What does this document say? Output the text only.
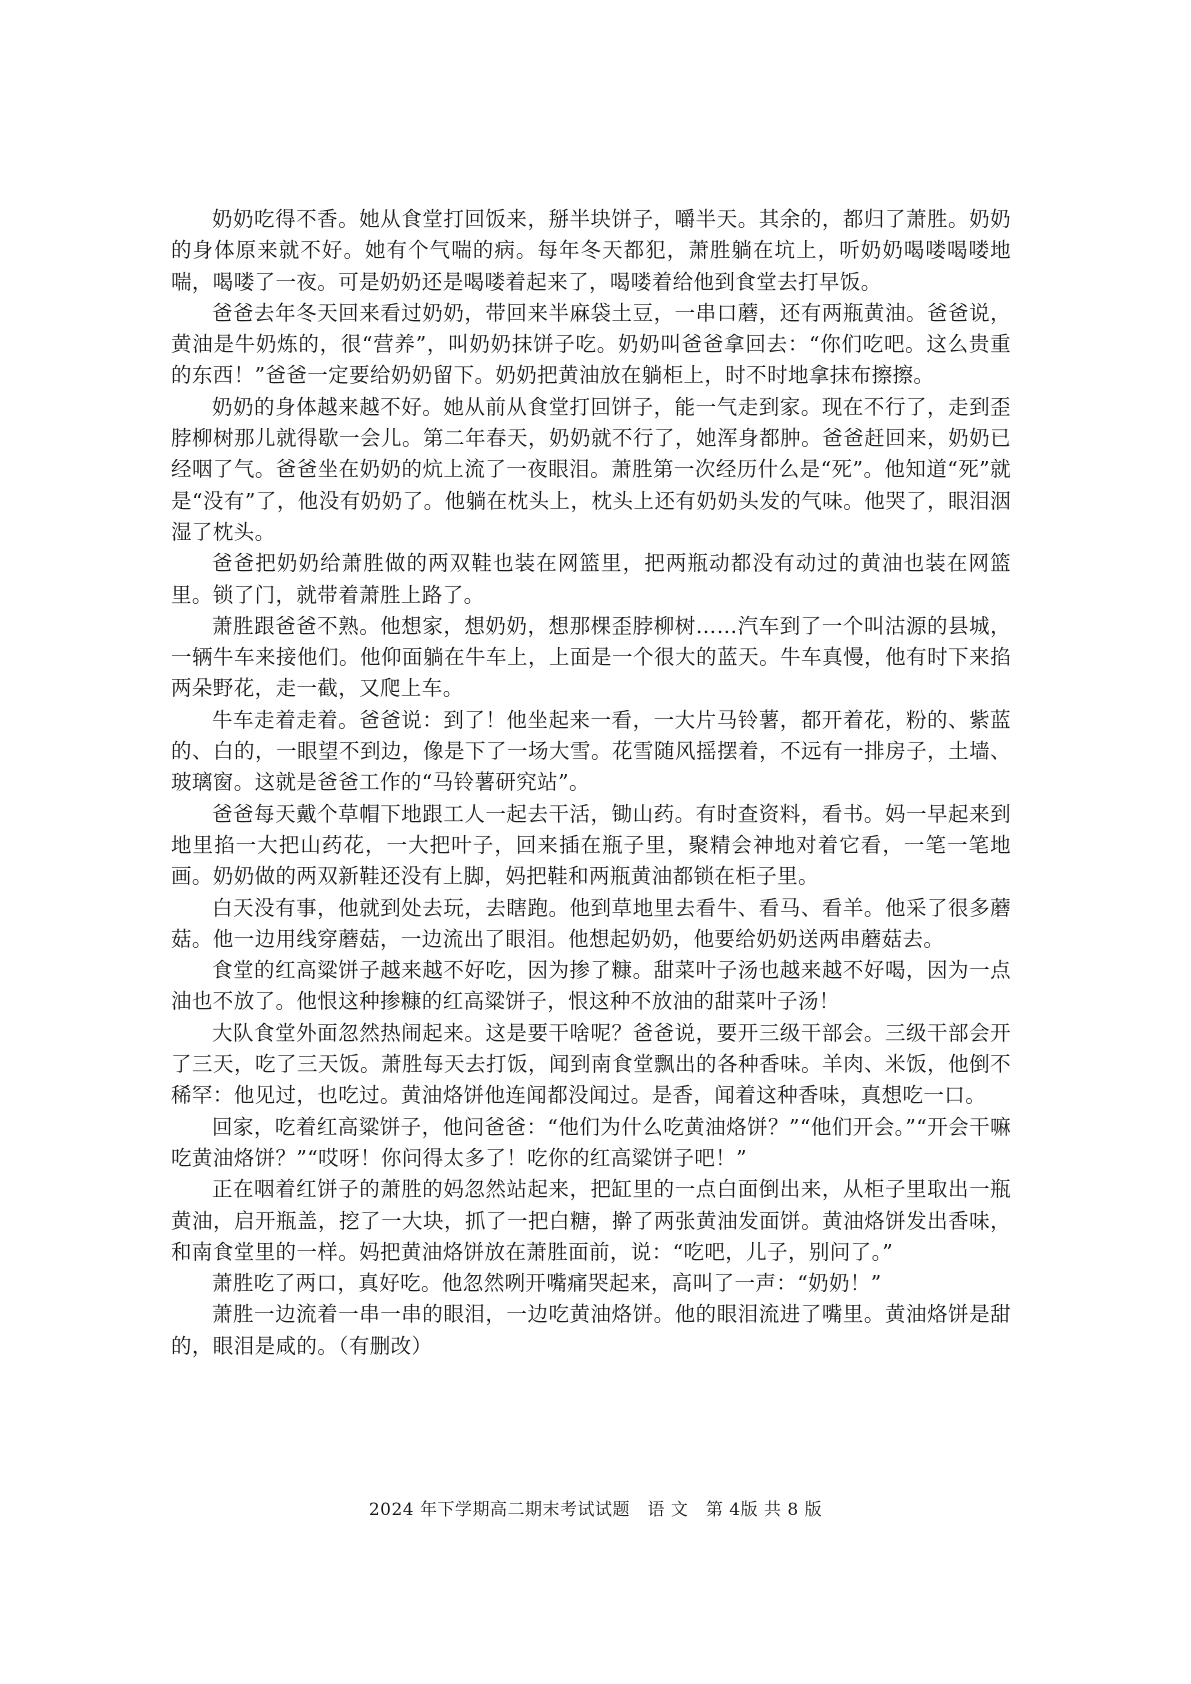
奶奶吃得不香。她从食堂打回饭来，掰半块饼子，嚼半天。其余的，都归了萧胜。奶奶的身体原来就不好。她有个气喘的病。每年冬天都犯，萧胜躺在坑上，听奶奶喝喽喝喽地喘，喝喽了一夜。可是奶奶还是喝喽着起来了，喝喽着给他到食堂去打早饭。

爸爸去年冬天回来看过奶奶，带回来半麻袋土豆，一串口蘑，还有两瓶黄油。爸爸说，黄油是牛奶炼的，很“营养”，叫奶奶抹饼子吃。奶奶叫爸爸拿回去：“你们吃吧。这么贵重的东西！”爸爸一定要给奶奶留下。奶奶把黄油放在躺柜上，时不时地拿抹布擦擦。

奶奶的身体越来越不好。她从前从食堂打回饼子，能一气走到家。现在不行了，走到歪脖柳树那儿就得歇一会儿。第二年春天，奶奶就不行了，她浑身都肿。爸爸赶回来，奶奶已经咽了气。爸爸坐在奶奶的炕上流了一夜眼泪。萧胜第一次经历什么是“死”。他知道“死”就是“没有”了，他没有奶奶了。他躺在枕头上，枕头上还有奶奶头发的气味。他哭了，眼泪洇湿了枕头。

爸爸把奶奶给萧胜做的两双鞋也装在网篮里，把两瓶动都没有动过的黄油也装在网篮里。锁了门，就带着萧胜上路了。

萧胜跟爸爸不熟。他想家，想奶奶，想那棵歪脖柳树……汽车到了一个叫沽源的县城，一辆牛车来接他们。他仰面躺在牛车上，上面是一个很大的蓝天。牛车真慢，他有时下来掐两朵野花，走一截，又爬上车。

牛车走着走着。爸爸说：到了！他坐起来一看，一大片马铃薯，都开着花，粉的、紫蓝的、白的，一眼望不到边，像是下了一场大雪。花雪随风摇摆着，不远有一排房子，土墙、玻璃窗。这就是爸爸工作的“马铃薯研究站”。

爸爸每天戴个草帽下地跟工人一起去干活，锄山药。有时查资料，看书。妈一早起来到地里掐一大把山药花，一大把叶子，回来插在瓶子里，聚精会神地对着它看，一笔一笔地画。奶奶做的两双新鞋还没有上脚，妈把鞋和两瓶黄油都锁在柜子里。

白天没有事，他就到处去玩，去瞎跑。他到草地里去看牛、看马、看羊。他采了很多蘑菇。他一边用线穿蘑菇，一边流出了眼泪。他想起奶奶，他要给奶奶送两串蘑菇去。

食堂的红高粱饼子越来越不好吃，因为掺了糠。甜菜叶子汤也越来越不好喝，因为一点油也不放了。他恨这种掺糠的红高粱饼子，恨这种不放油的甜菜叶子汤！

大队食堂外面忽然热闹起来。这是要干啥呢？爸爸说，要开三级干部会。三级干部会开了三天，吃了三天饭。萧胜每天去打饭，闻到南食堂飘出的各种香味。羊肉、米饭，他倒不稀罕：他见过，也吃过。黄油烙饼他连闻都没闻过。是香，闻着这种香味，真想吃一口。

回家，吃着红高粱饼子，他问爸爸：“他们为什么吃黄油烙饼？”“他们开会。”“开会干嘛吃黄油烙饼？”“哎呀！你问得太多了！吃你的红高粱饼子吧！”

正在咽着红饼子的萧胜的妈忽然站起来，把缸里的一点白面倒出来，从柜子里取出一瓶黄油，启开瓶盖，挖了一大块，抓了一把白糖，擀了两张黄油发面饼。黄油烙饼发出香味，和南食堂里的一样。妈把黄油烙饼放在萧胜面前，说：“吃吧，儿子，别问了。”

萧胜吃了两口，真好吃。他忽然咧开嘴痛哭起来，高叫了一声：“奶奶！”

萧胜一边流着一串一串的眼泪，一边吃黄油烙饼。他的眼泪流进了嘴里。黄油烙饼是甜的，眼泪是咸的。（有删改）

2024 年下学期高二期末考试试题　语 文　第 4版 共 8 版
